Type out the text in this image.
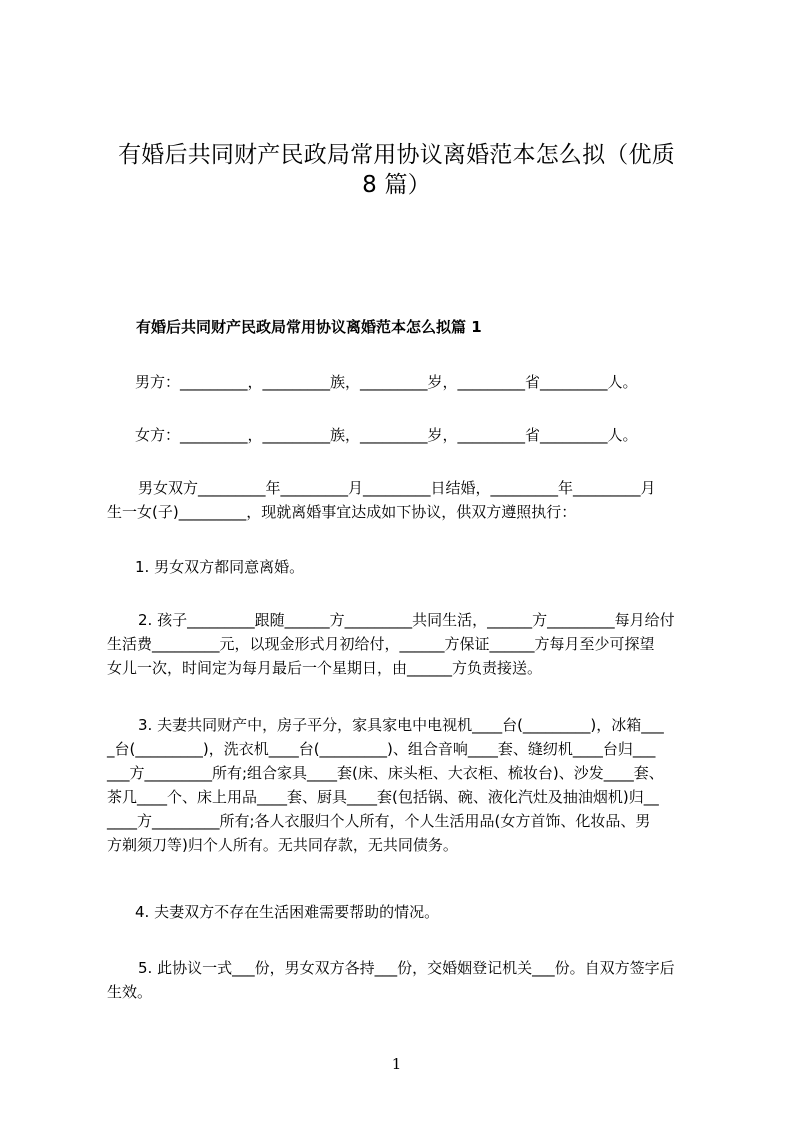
有婚后共同财产民政局常用协议离婚范本怎么拟（优质
8 篇）
有婚后共同财产民政局常用协议离婚范本怎么拟篇 1
男方：_________，_________族，_________岁，_________省_________人。
女方：_________，_________族，_________岁，_________省_________人。
男女双方_________年_________月_________日结婚，_________年_________月
生一女(子)_________，现就离婚事宜达成如下协议，供双方遵照执行：
1. 男女双方都同意离婚。
2. 孩子_________跟随______方_________共同生活，______方_________每月给付
生活费_________元，以现金形式月初给付，______方保证______方每月至少可探望
女儿一次，时间定为每月最后一个星期日，由______方负责接送。
3. 夫妻共同财产中，房子平分，家具家电中电视机____台(_________)，冰箱___
_台(_________)，洗衣机____台(_________)、组合音响____套、缝纫机____台归___
___方_________所有;组合家具____套(床、床头柜、大衣柜、梳妆台)、沙发____套、
茶几____个、床上用品____套、厨具____套(包括锅、碗、液化汽灶及抽油烟机)归__
____方_________所有;各人衣服归个人所有，个人生活用品(女方首饰、化妆品、男
方剃须刀等)归个人所有。无共同存款，无共同债务。
4. 夫妻双方不存在生活困难需要帮助的情况。
5. 此协议一式___份，男女双方各持___份，交婚姻登记机关___份。自双方签字后
生效。
1
